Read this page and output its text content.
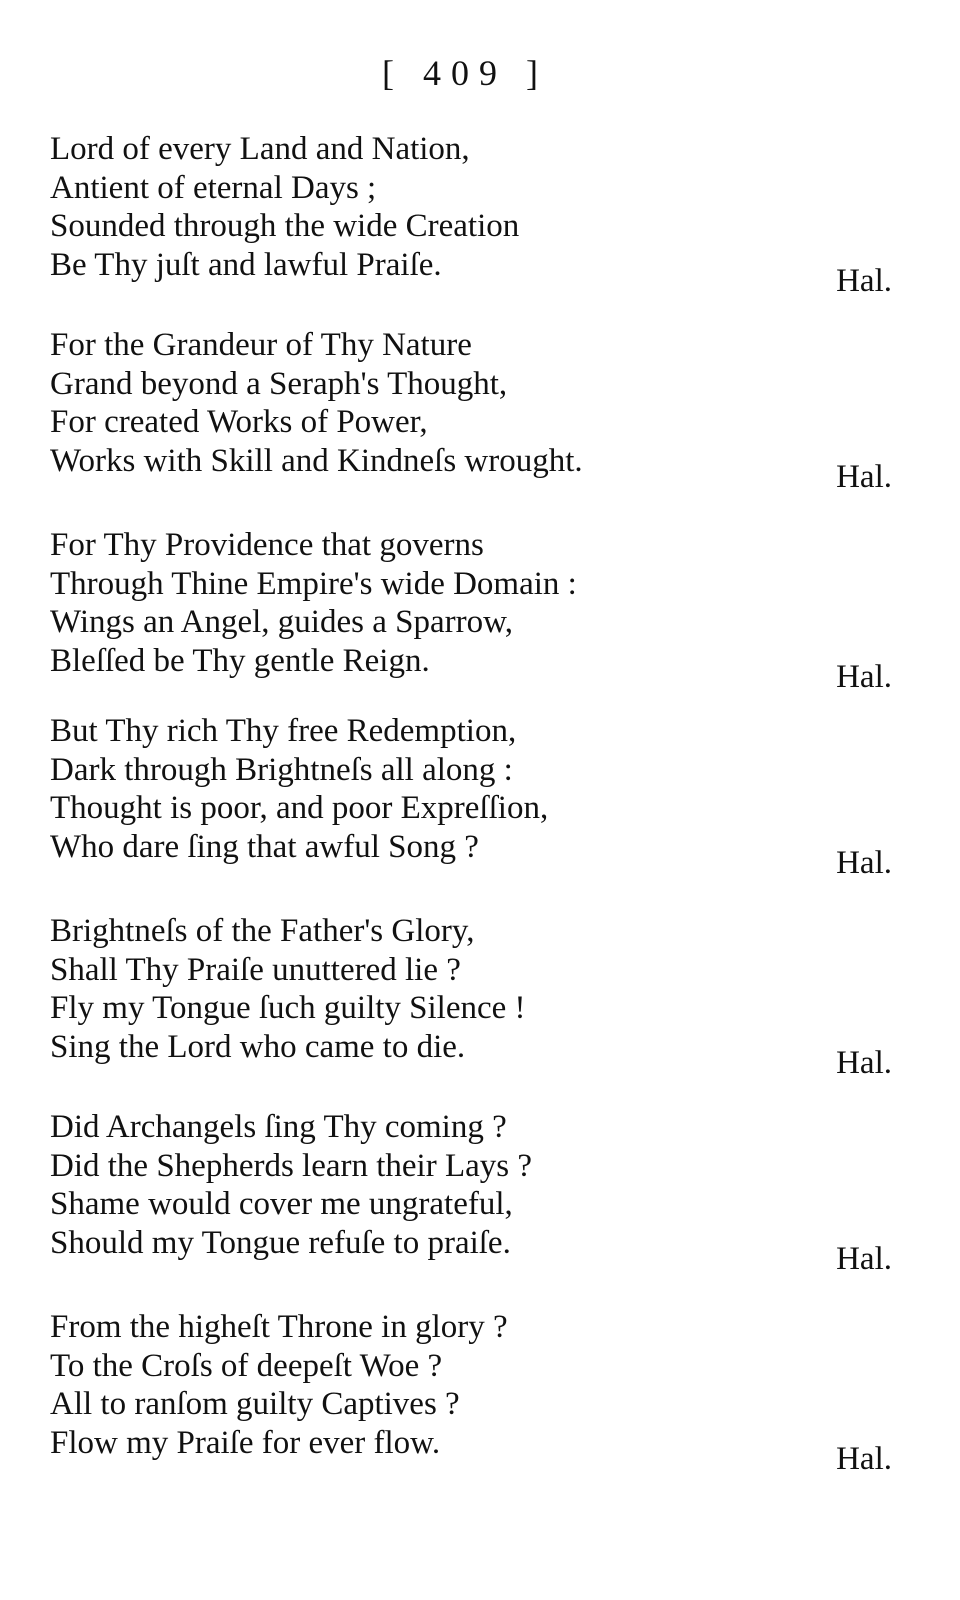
[ 409 ]
Lord of every Land and Nation,
Antient of eternal Days ;
Sounded through the wide Creation
Be Thy juſt and lawful Praiſe.	Hal.
For the Grandeur of Thy Nature
Grand beyond a Seraph's Thought,
For created Works of Power,
Works with Skill and Kindneſs wrought.	Hal.
For Thy Providence that governs
Through Thine Empire's wide Domain :
Wings an Angel, guides a Sparrow,
Bleſſed be Thy gentle Reign.	Hal.
But Thy rich Thy free Redemption,
Dark through Brightneſs all along :
Thought is poor, and poor Expreſſion,
Who dare ſing that awful Song ?	Hal.
Brightneſs of the Father's Glory,
Shall Thy Praiſe unuttered lie ?
Fly my Tongue ſuch guilty Silence !
Sing the Lord who came to die.	Hal.
Did Archangels ſing Thy coming ?
Did the Shepherds learn their Lays ?
Shame would cover me ungrateful,
Should my Tongue refuſe to praiſe.	Hal.
From the higheſt Throne in glory ?
To the Croſs of deepeſt Woe ?
All to ranſom guilty Captives ?
Flow my Praiſe for ever flow.	Hal.
